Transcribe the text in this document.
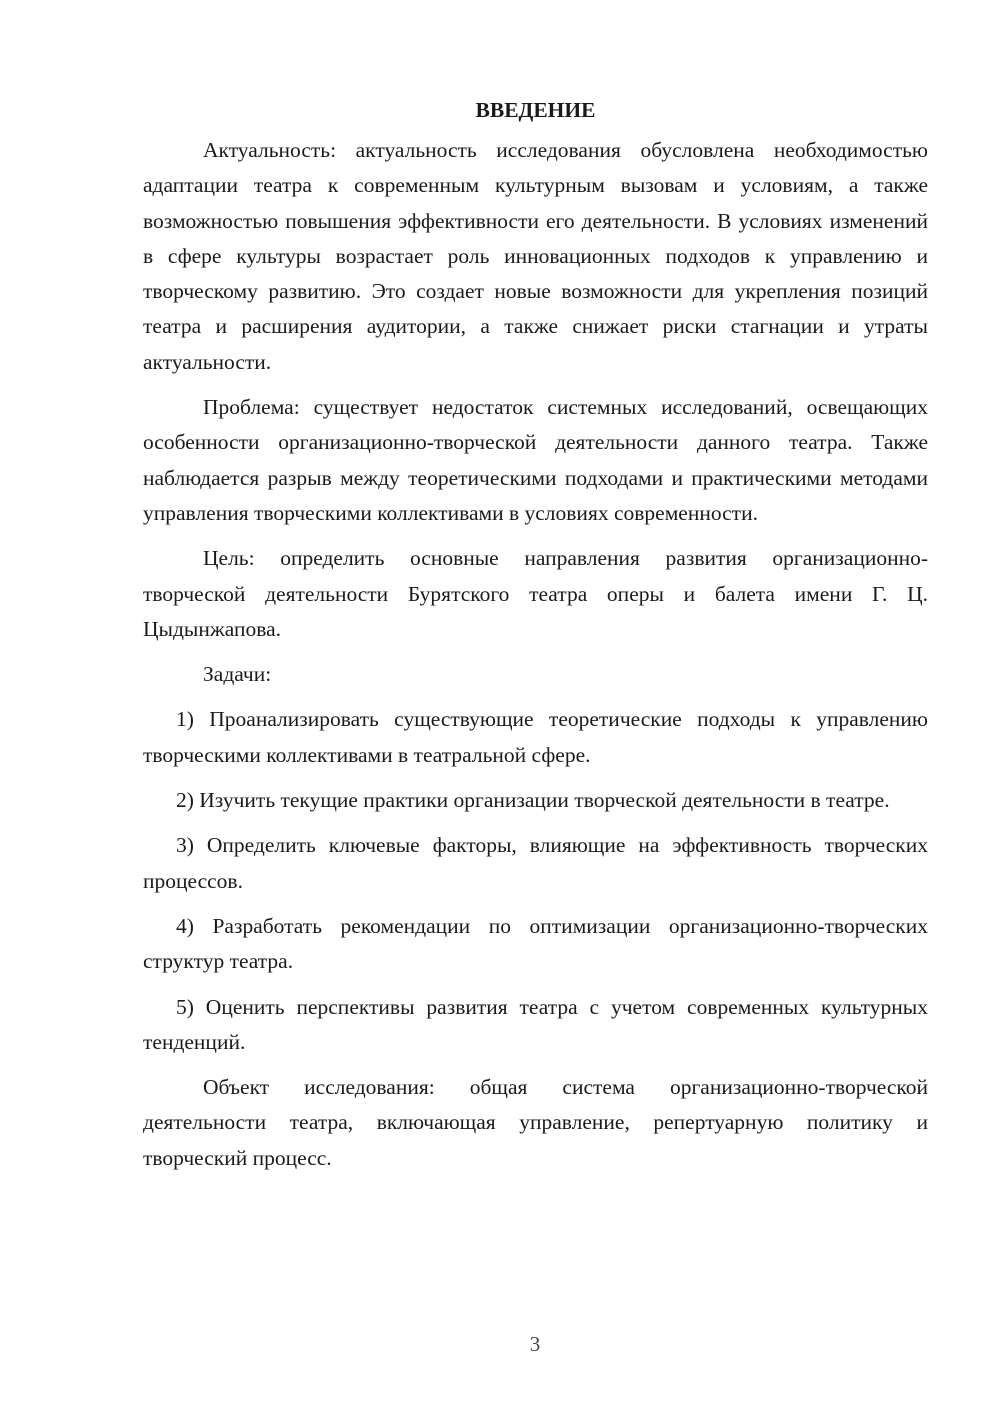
ВВЕДЕНИЕ

Актуальность: актуальность исследования обусловлена необходимостью адаптации театра к современным культурным вызовам и условиям, а также возможностью повышения эффективности его деятельности. В условиях изменений в сфере культуры возрастает роль инновационных подходов к управлению и творческому развитию. Это создает новые возможности для укрепления позиций театра и расширения аудитории, а также снижает риски стагнации и утраты актуальности.

Проблема: существует недостаток системных исследований, освещающих особенности организационно-творческой деятельности данного театра. Также наблюдается разрыв между теоретическими подходами и практическими методами управления творческими коллективами в условиях современности.

Цель: определить основные направления развития организационно-творческой деятельности Бурятского театра оперы и балета имени Г. Ц. Цыдынжапова.

Задачи:

1) Проанализировать существующие теоретические подходы к управлению творческими коллективами в театральной сфере.

2) Изучить текущие практики организации творческой деятельности в театре.

3) Определить ключевые факторы, влияющие на эффективность творческих процессов.

4) Разработать рекомендации по оптимизации организационно-творческих структур театра.

5) Оценить перспективы развития театра с учетом современных культурных тенденций.

Объект исследования: общая система организационно-творческой деятельности театра, включающая управление, репертуарную политику и творческий процесс.

3
